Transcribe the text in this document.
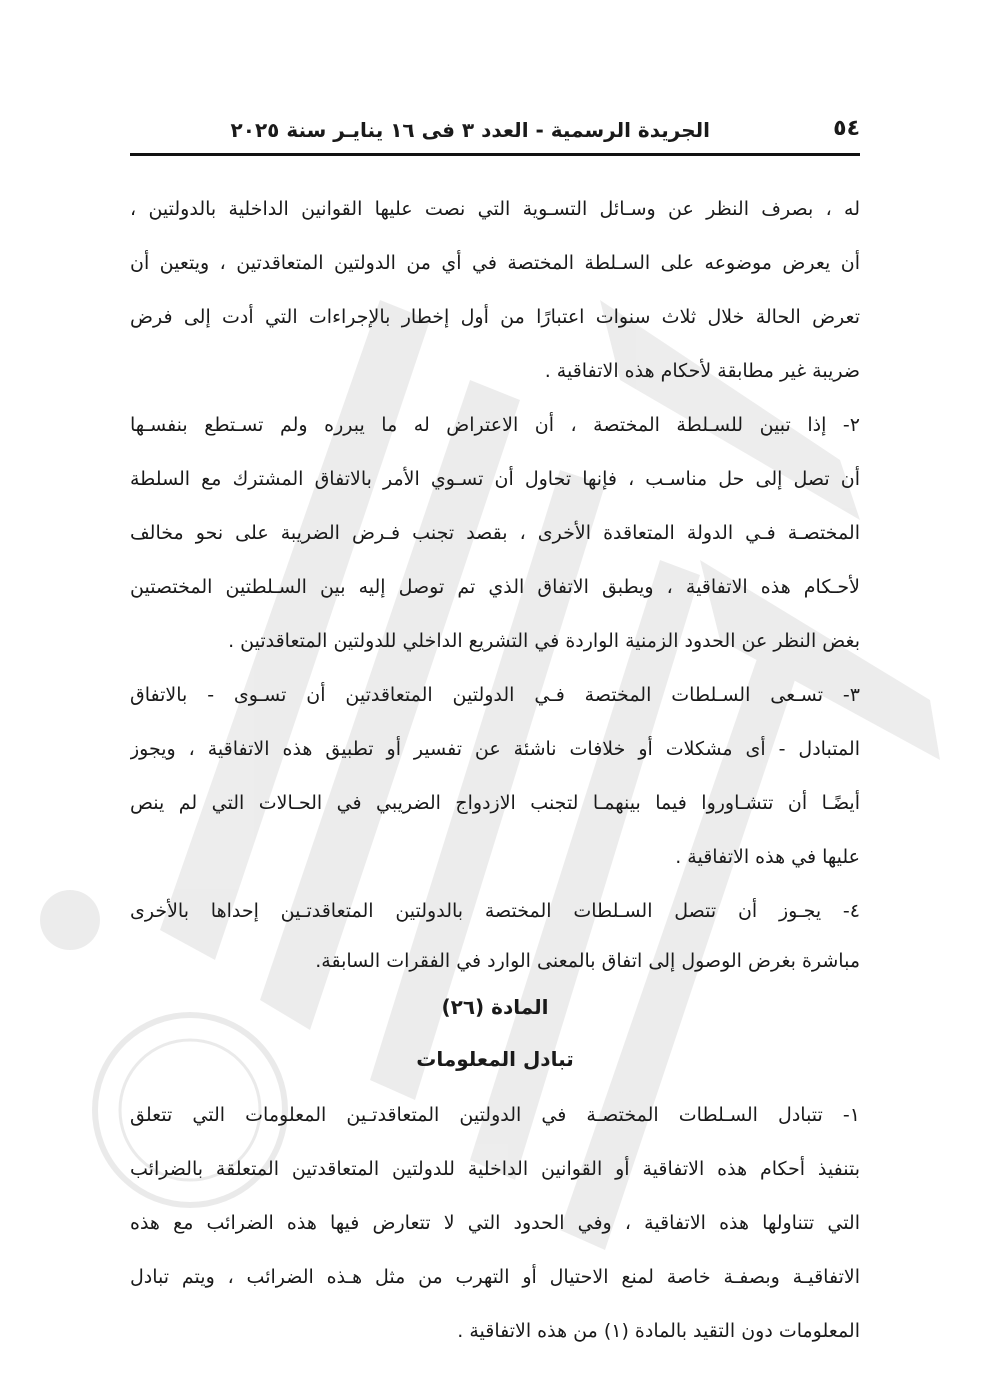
٥٤
الجريدة الرسمية - العدد ٣ فى ١٦ ينايـر سنة ٢٠٢٥

له ، بصرف النظر عن وسـائل التسـوية التي نصت عليها القوانين الداخلية بالدولتين ،
أن يعرض موضوعه على السـلطة المختصة في أي من الدولتين المتعاقدتين ، ويتعين أن
تعرض الحالة خلال ثلاث سنوات اعتبارًا من أول إخطار بالإجراءات التي أدت إلى فرض
ضريبة غير مطابقة لأحكام هذه الاتفاقية .

٢- إذا تبين للسـلطة المختصة ، أن الاعتراض له ما يبرره ولم تسـتطع بنفسـها
أن تصل إلى حل مناسـب ، فإنها تحاول أن تسـوي الأمر بالاتفاق المشترك مع السلطة
المختصـة فـي الدولة المتعاقدة الأخرى ، بقصد تجنب فـرض الضريبة على نحو مخالف
لأحـكام هذه الاتفاقية ، ويطبق الاتفاق الذي تم توصل إليه بين السـلطتين المختصتين
بغض النظر عن الحدود الزمنية الواردة في التشريع الداخلي للدولتين المتعاقدتين .

٣- تسـعى السـلطات المختصة فـي الدولتين المتعاقدتين أن تسـوى - بالاتفاق
المتبادل - أى مشكلات أو خلافات ناشئة عن تفسير أو تطبيق هذه الاتفاقية ، ويجوز
أيضًـا أن تتشـاوروا فيما بينهمـا لتجنب الازدواج الضريبي في الحـالات التي لم ينص
عليها في هذه الاتفاقية .

٤- يجـوز أن تتصل السـلطات المختصة بالدولتين المتعاقدتـين إحداها بالأخرى
مباشرة بغرض الوصول إلى اتفاق بالمعنى الوارد في الفقرات السابقة.

المادة (٢٦)
تبادل المعلومات

١- تتبادل السـلطات المختصـة في الدولتين المتعاقدتـين المعلومات التي تتعلق
بتنفيذ أحكام هذه الاتفاقية أو القوانين الداخلية للدولتين المتعاقدتين المتعلقة بالضرائب
التي تتناولها هذه الاتفاقية ، وفي الحدود التي لا تتعارض فيها هذه الضرائب مع هذه
الاتفاقيـة وبصفـة خاصة لمنع الاحتيال أو التهرب من مثل هـذه الضرائب ، ويتم تبادل
المعلومات دون التقيد بالمادة (١) من هذه الاتفاقية .
